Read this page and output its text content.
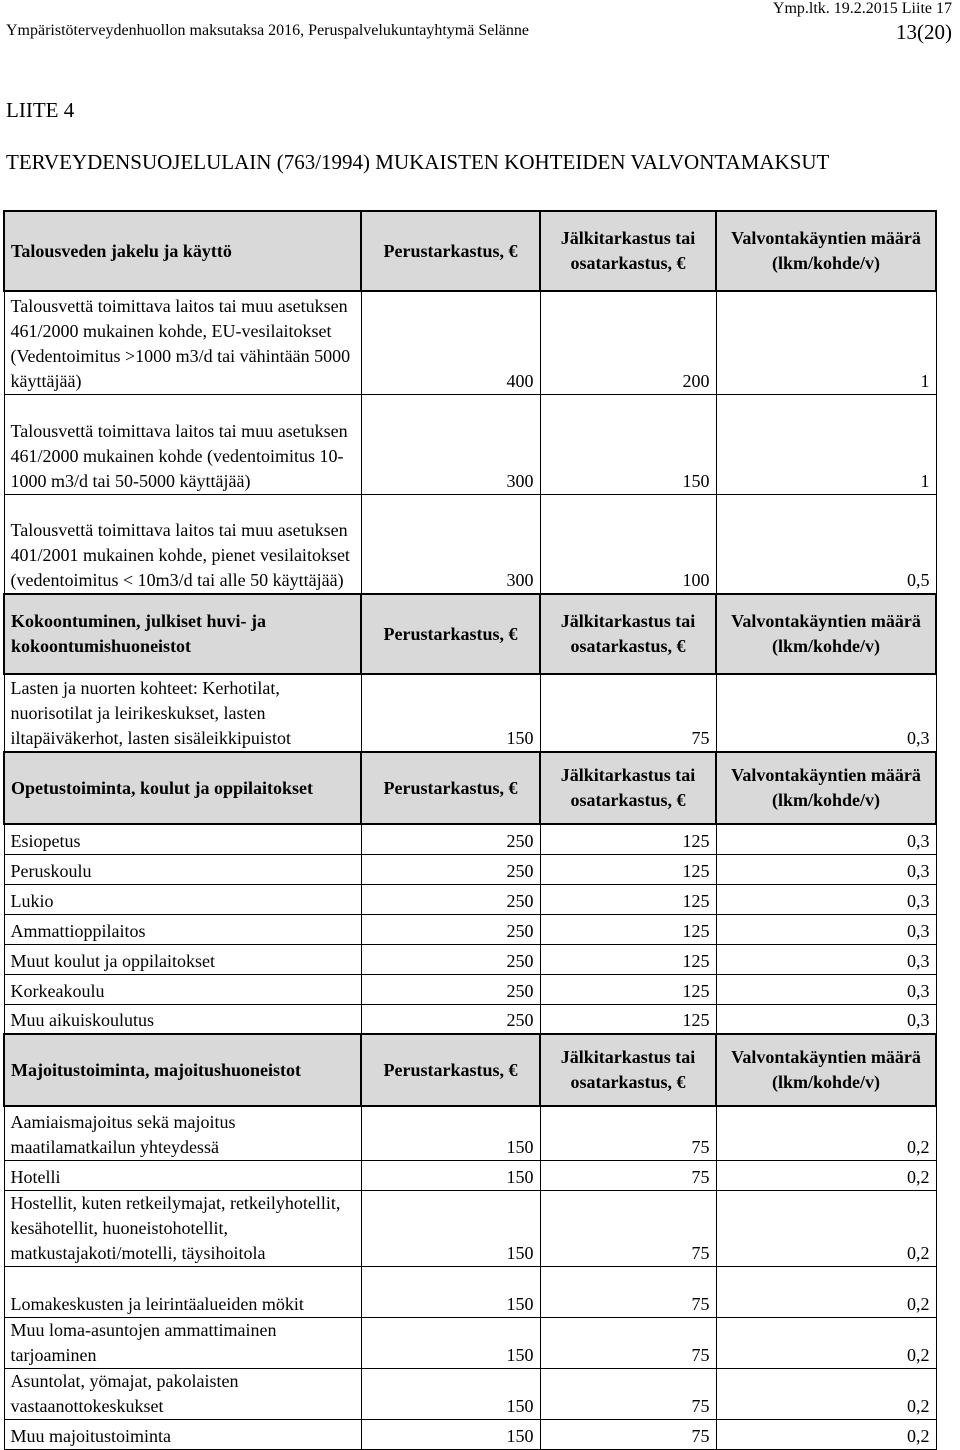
Ymp.ltk. 19.2.2015 Liite 17
Ympäristöterveydenhuollon maksutaksa 2016, Peruspalvelukuntayhtymä Selänne	13(20)
LIITE 4
TERVEYDENSUOJELULAIN (763/1994) MUKAISTEN KOHTEIDEN VALVONTAMAKSUT
Talousveden jakelu ja käyttö	Perustarkastus, €	Jälkitarkastus tai osatarkastus, €	Valvontakäyntien määrä (lkm/kohde/v)
Talousvettä toimittava laitos tai muu asetuksen 461/2000 mukainen kohde, EU-vesilaitokset (Vedentoimitus >1000 m3/d tai vähintään 5000 käyttäjää)	400	200	1
Talousvettä toimittava laitos tai muu asetuksen 461/2000 mukainen kohde (vedentoimitus 10-1000 m3/d tai 50-5000 käyttäjää)	300	150	1
Talousvettä toimittava laitos tai muu asetuksen 401/2001 mukainen kohde, pienet vesilaitokset (vedentoimitus < 10m3/d tai alle 50 käyttäjää)	300	100	0,5
Kokoontuminen, julkiset huvi- ja kokoontumishuoneistot	Perustarkastus, €	Jälkitarkastus tai osatarkastus, €	Valvontakäyntien määrä (lkm/kohde/v)
Lasten ja nuorten kohteet: Kerhotilat, nuorisotilat ja leirikeskukset, lasten iltapäiväkerhot, lasten sisäleikkipuistot	150	75	0,3
Opetustoiminta, koulut ja oppilaitokset	Perustarkastus, €	Jälkitarkastus tai osatarkastus, €	Valvontakäyntien määrä (lkm/kohde/v)
Esiopetus	250	125	0,3
Peruskoulu	250	125	0,3
Lukio	250	125	0,3
Ammattioppilaitos	250	125	0,3
Muut koulut ja oppilaitokset	250	125	0,3
Korkeakoulu	250	125	0,3
Muu aikuiskoulutus	250	125	0,3
Majoitustoiminta, majoitushuoneistot	Perustarkastus, €	Jälkitarkastus tai osatarkastus, €	Valvontakäyntien määrä (lkm/kohde/v)
Aamiaismajoitus sekä majoitus maatilamatkailun yhteydessä	150	75	0,2
Hotelli	150	75	0,2
Hostellit, kuten retkeilymajat, retkeilyhotellit, kesähotellit, huoneistohotellit, matkustajakoti/motelli, täysihoitola	150	75	0,2
Lomakeskusten ja leirintäalueiden mökit	150	75	0,2
Muu loma-asuntojen ammattimainen tarjoaminen	150	75	0,2
Asuntolat, yömajat, pakolaisten vastaanottokeskukset	150	75	0,2
Muu majoitustoiminta	150	75	0,2
